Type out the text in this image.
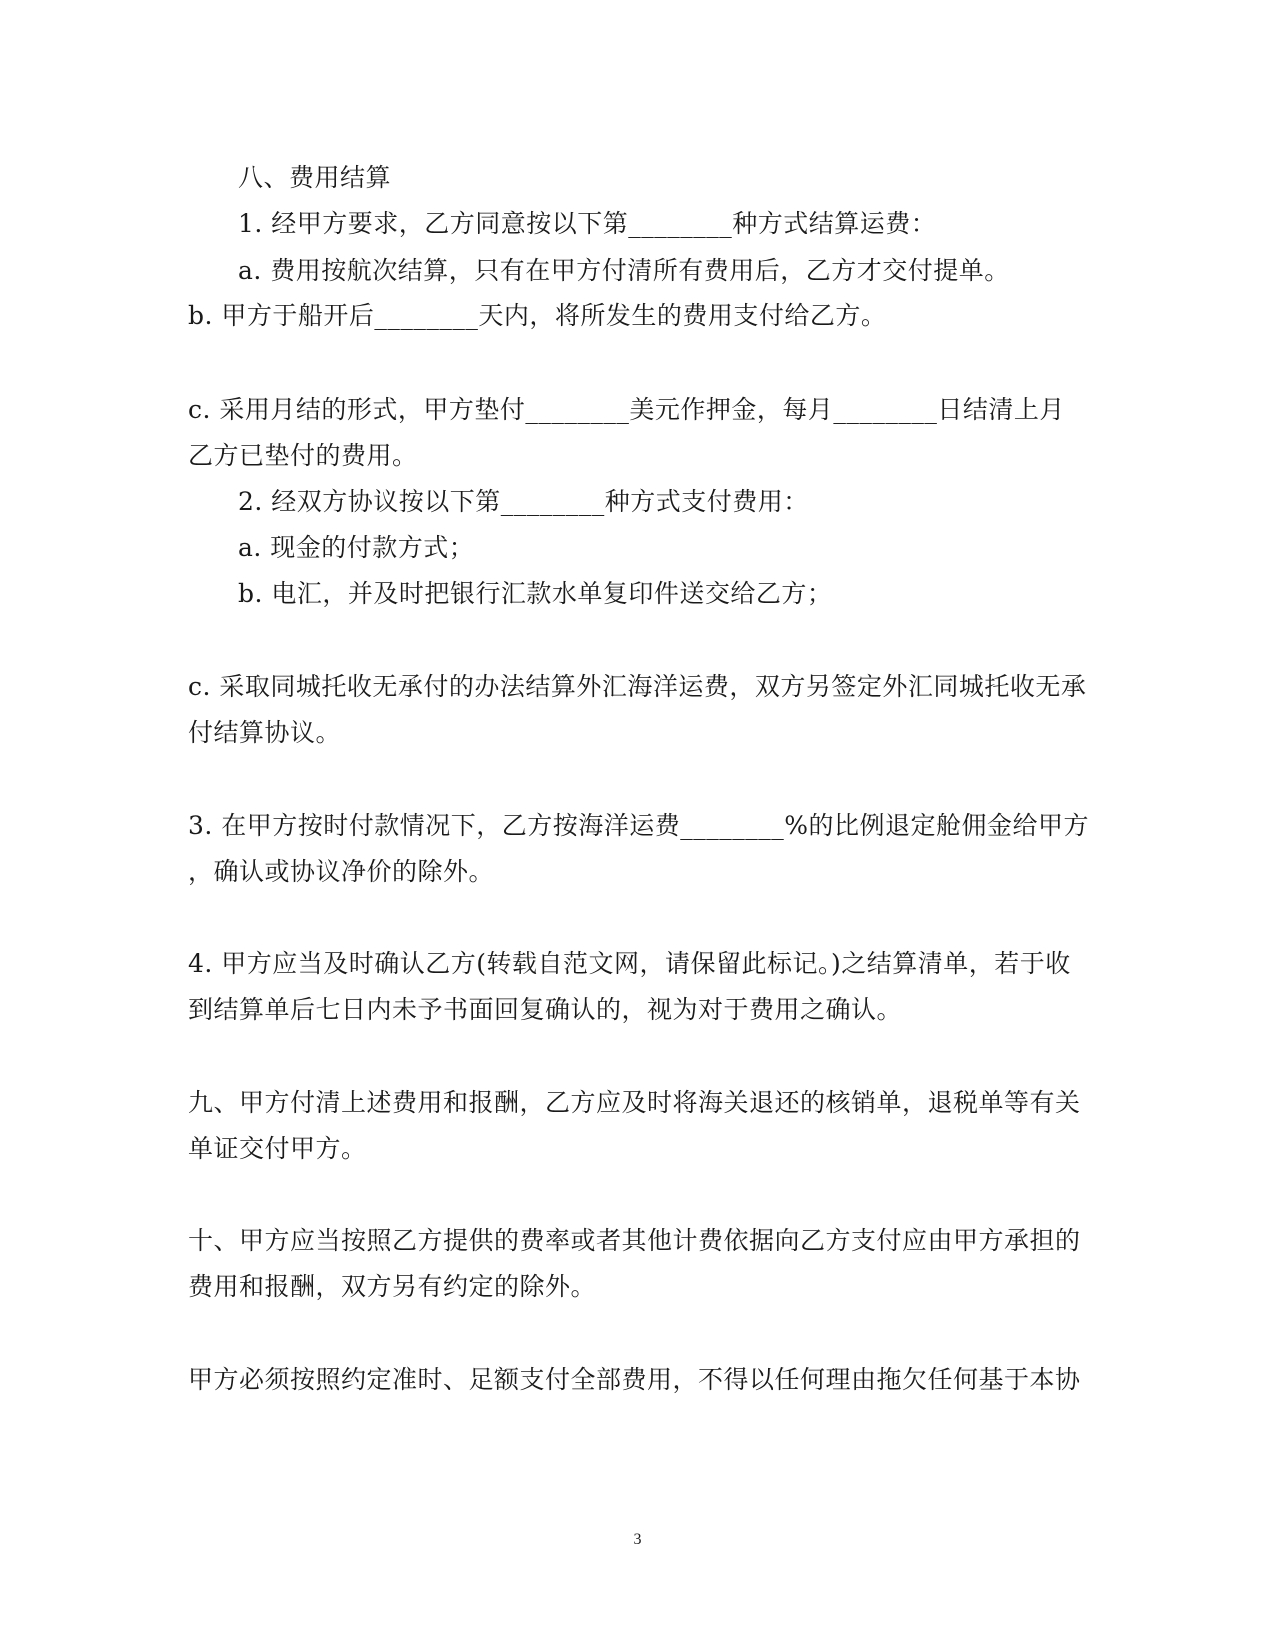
八、费用结算
1. 经甲方要求，乙方同意按以下第________种方式结算运费：
a. 费用按航次结算，只有在甲方付清所有费用后，乙方才交付提单。
b. 甲方于船开后________天内，将所发生的费用支付给乙方。
c. 采用月结的形式，甲方垫付________美元作押金，每月________日结清上月
乙方已垫付的费用。
2. 经双方协议按以下第________种方式支付费用：
a. 现金的付款方式；
b. 电汇，并及时把银行汇款水单复印件送交给乙方；
c. 采取同城托收无承付的办法结算外汇海洋运费，双方另签定外汇同城托收无承
付结算协议。
3. 在甲方按时付款情况下，乙方按海洋运费________%的比例退定舱佣金给甲方
，确认或协议净价的除外。
4. 甲方应当及时确认乙方(转载自范文网，请保留此标记。)之结算清单，若于收
到结算单后七日内未予书面回复确认的，视为对于费用之确认。
九、甲方付清上述费用和报酬，乙方应及时将海关退还的核销单，退税单等有关
单证交付甲方。
十、甲方应当按照乙方提供的费率或者其他计费依据向乙方支付应由甲方承担的
费用和报酬，双方另有约定的除外。
甲方必须按照约定准时、足额支付全部费用，不得以任何理由拖欠任何基于本协
3
